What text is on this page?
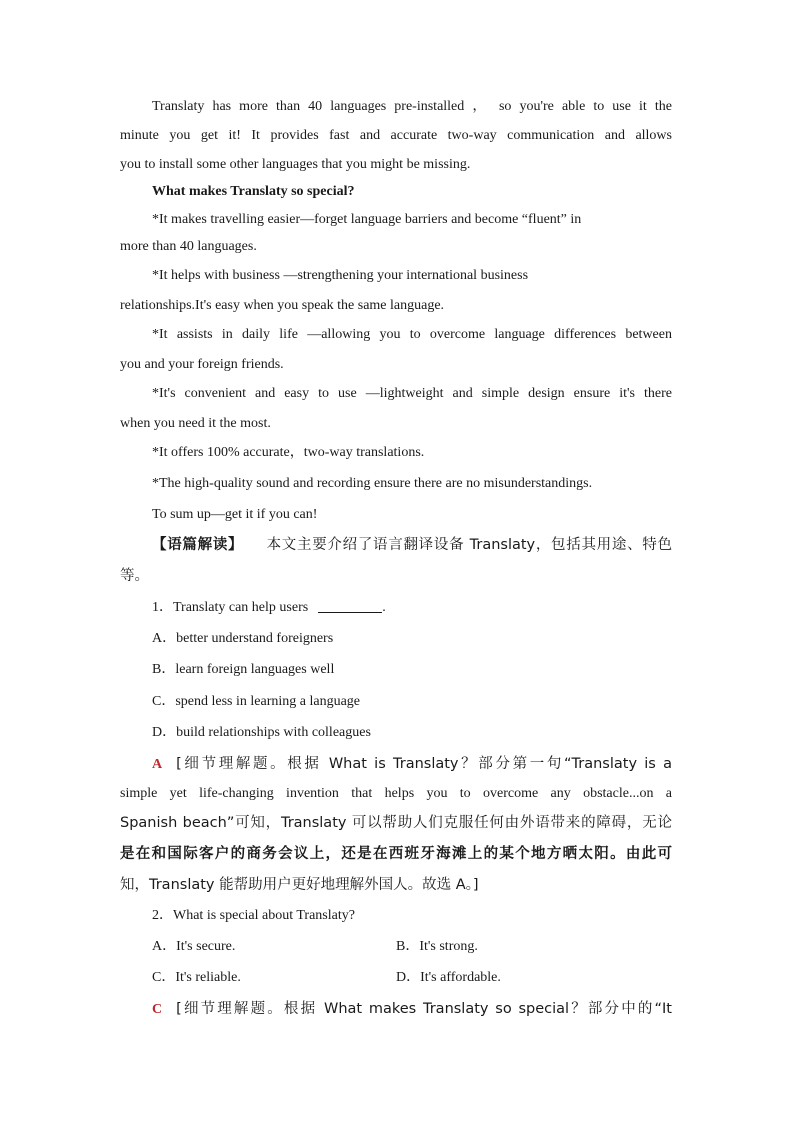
Translaty has more than 40 languages pre-installed ， so you're able to use it the
minute you get it! It provides fast and accurate two-way communication and allows
you to install some other languages that you might be missing.
What makes Translaty so special?
*It makes travelling easier—forget language barriers and become “fluent” in
more than 40 languages.
*It helps with business —strengthening your international business
relationships.It's easy when you speak the same language.
*It assists in daily life —allowing you to overcome language differences between
you and your foreign friends.
*It's convenient and easy to use —lightweight and simple design ensure it's there
when you need it the most.
*It offers 100% accurate，two-way translations.
*The high-quality sound and recording ensure there are no misunderstandings.
To sum up—get it if you can!
【语篇解读】 本文主要介绍了语言翻译设备 Translaty，包括其用途、特色
等。
1．Translaty can help users	.
A．better understand foreigners
B．learn foreign languages well
C．spend less in learning a language
D．build relationships with colleagues
A [细节理解题。根据 What is Translaty？部分第一句“Translaty is a
simple yet life-changing invention that helps you to overcome any obstacle...on a
Spanish beach”可知，Translaty 可以帮助人们克服任何由外语带来的障碍，无论
是在和国际客户的商务会议上，还是在西班牙海滩上的某个地方晒太阳。由此可
知，Translaty 能帮助用户更好地理解外国人。故选 A。]
2．What is special about Translaty?
A．It's secure.	B．It's strong.
C．It's reliable.	D．It's affordable.
C [细节理解题。根据 What makes Translaty so special？部分中的“It
